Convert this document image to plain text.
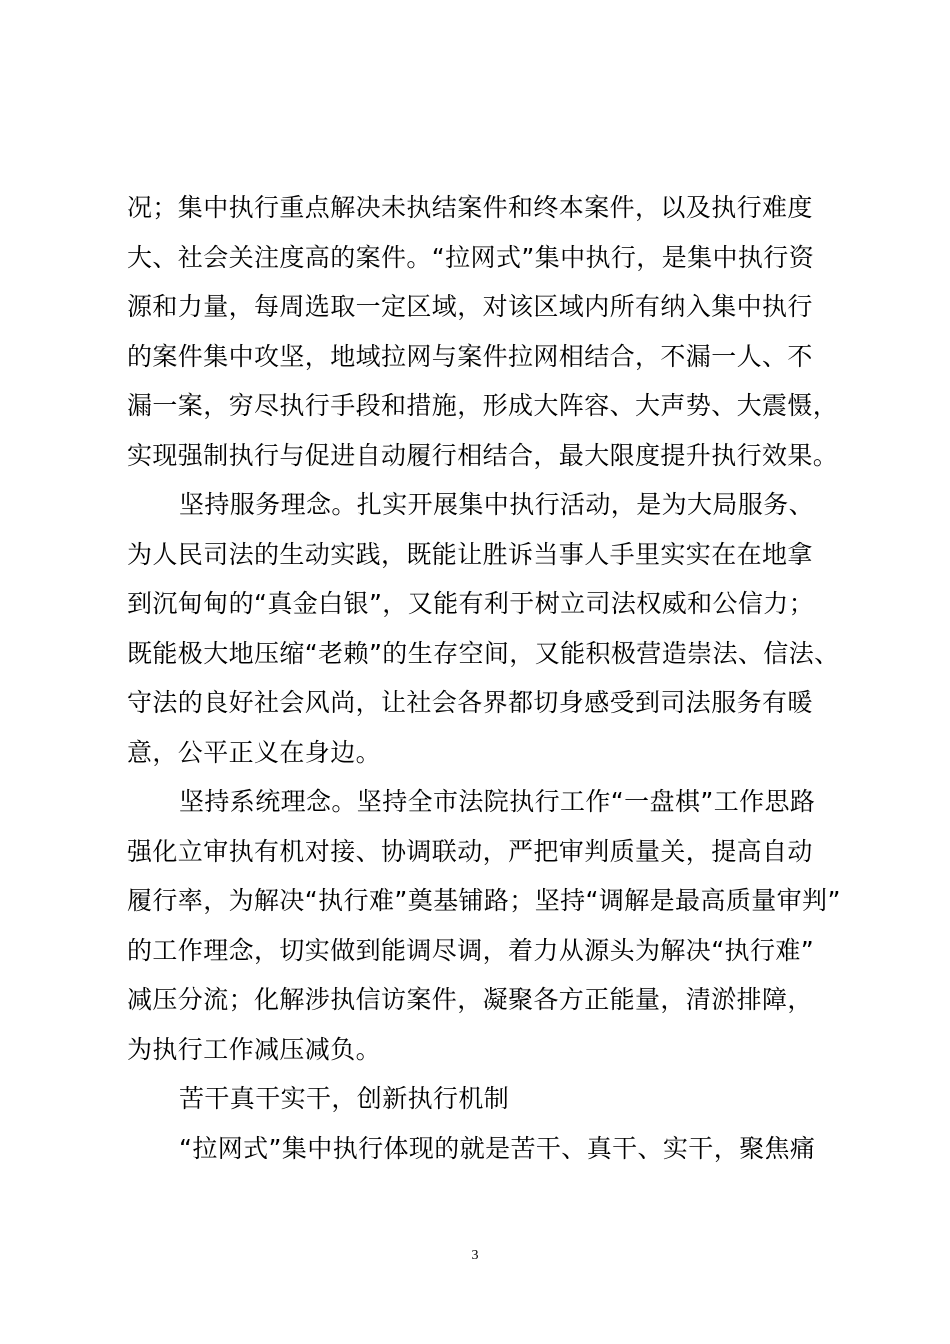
况；集中执行重点解决未执结案件和终本案件，以及执行难度
大、社会关注度高的案件。“拉网式”集中执行，是集中执行资
源和力量，每周选取一定区域，对该区域内所有纳入集中执行
的案件集中攻坚，地域拉网与案件拉网相结合，不漏一人、不
漏一案，穷尽执行手段和措施，形成大阵容、大声势、大震慑，
实现强制执行与促进自动履行相结合，最大限度提升执行效果。
坚持服务理念。扎实开展集中执行活动，是为大局服务、
为人民司法的生动实践，既能让胜诉当事人手里实实在在地拿
到沉甸甸的“真金白银”，又能有利于树立司法权威和公信力；
既能极大地压缩“老赖”的生存空间，又能积极营造崇法、信法、
守法的良好社会风尚，让社会各界都切身感受到司法服务有暖
意，公平正义在身边。
坚持系统理念。坚持全市法院执行工作“一盘棋”工作思路
强化立审执有机对接、协调联动，严把审判质量关，提高自动
履行率，为解决“执行难”奠基铺路；坚持“调解是最高质量审判”
的工作理念，切实做到能调尽调，着力从源头为解决“执行难”
减压分流；化解涉执信访案件，凝聚各方正能量，清淤排障，
为执行工作减压减负。
苦干真干实干，创新执行机制
“拉网式”集中执行体现的就是苦干、真干、实干，聚焦痛
3
